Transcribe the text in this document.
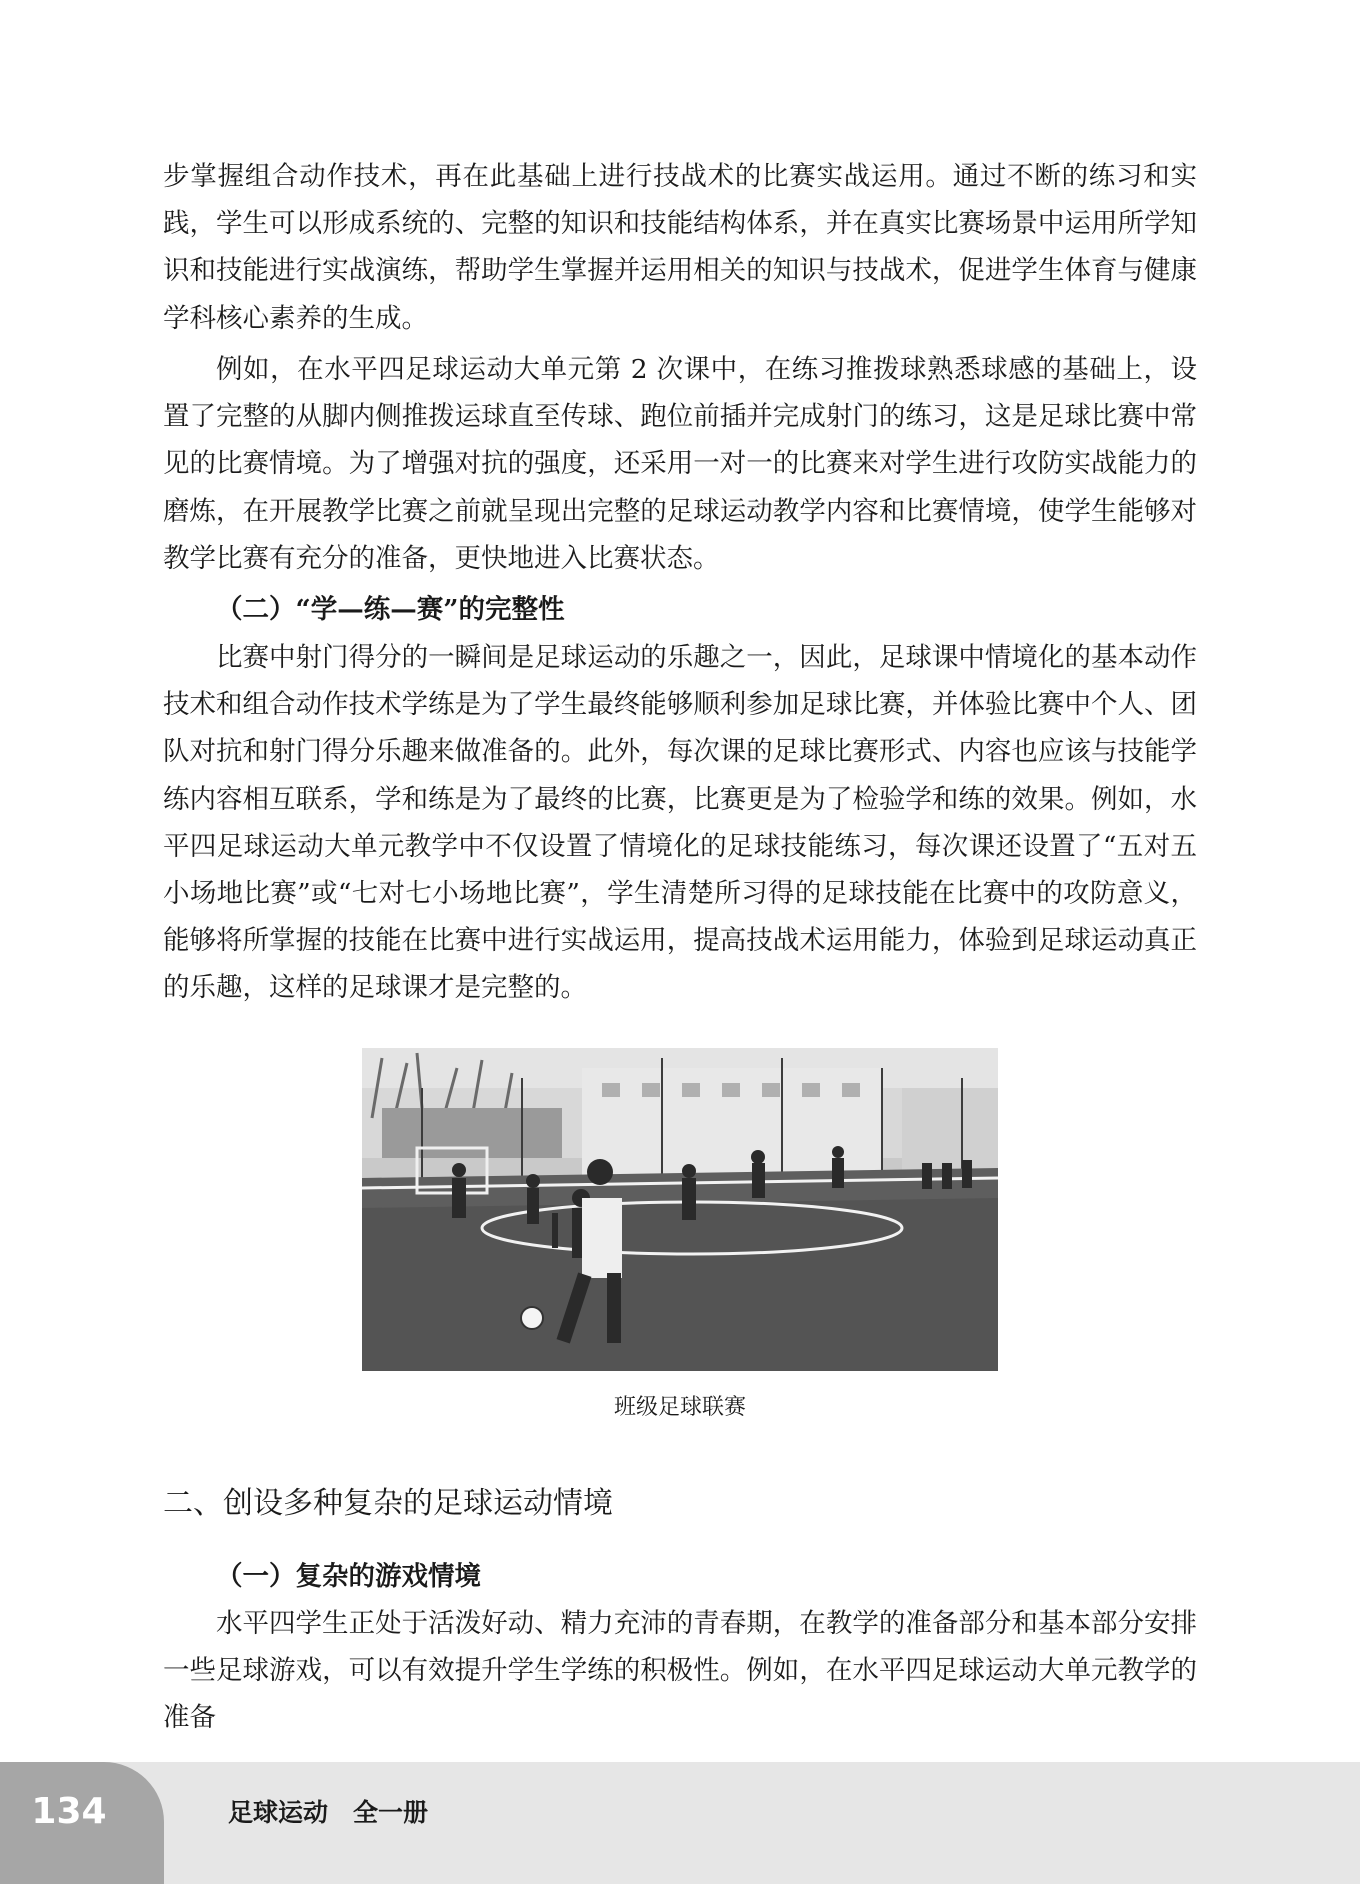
步掌握组合动作技术，再在此基础上进行技战术的比赛实战运用。通过不断的练习和实践，学生可以形成系统的、完整的知识和技能结构体系，并在真实比赛场景中运用所学知识和技能进行实战演练，帮助学生掌握并运用相关的知识与技战术，促进学生体育与健康学科核心素养的生成。

例如，在水平四足球运动大单元第 2 次课中，在练习推拨球熟悉球感的基础上，设置了完整的从脚内侧推拨运球直至传球、跑位前插并完成射门的练习，这是足球比赛中常见的比赛情境。为了增强对抗的强度，还采用一对一的比赛来对学生进行攻防实战能力的磨炼，在开展教学比赛之前就呈现出完整的足球运动教学内容和比赛情境，使学生能够对教学比赛有充分的准备，更快地进入比赛状态。

（二）“学—练—赛”的完整性

比赛中射门得分的一瞬间是足球运动的乐趣之一，因此，足球课中情境化的基本动作技术和组合动作技术学练是为了学生最终能够顺利参加足球比赛，并体验比赛中个人、团队对抗和射门得分乐趣来做准备的。此外，每次课的足球比赛形式、内容也应该与技能学练内容相互联系，学和练是为了最终的比赛，比赛更是为了检验学和练的效果。例如，水平四足球运动大单元教学中不仅设置了情境化的足球技能练习，每次课还设置了“五对五小场地比赛”或“七对七小场地比赛”，学生清楚所习得的足球技能在比赛中的攻防意义，能够将所掌握的技能在比赛中进行实战运用，提高技战术运用能力，体验到足球运动真正的乐趣，这样的足球课才是完整的。

班级足球联赛
二、创设多种复杂的足球运动情境

（一）复杂的游戏情境

水平四学生正处于活泼好动、精力充沛的青春期，在教学的准备部分和基本部分安排一些足球游戏，可以有效提升学生学练的积极性。例如，在水平四足球运动大单元教学的准备

134	足球运动　全一册
